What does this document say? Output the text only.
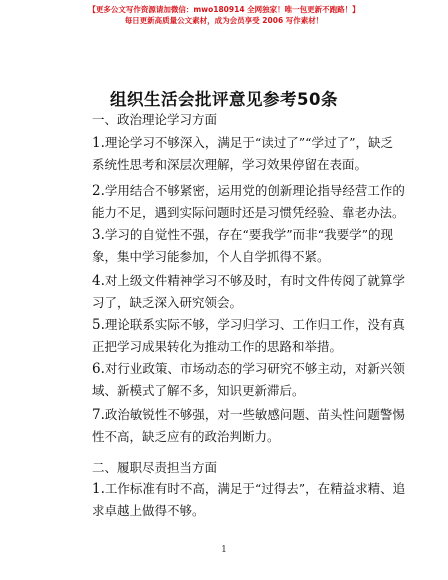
【更多公文写作资源请加微信：mwo180914 全网独家！唯一包更新不跑路！】
每日更新高质量公文素材，成为会员享受 2006 写作素材！
组织生活会批评意见参考50条
一、政治理论学习方面
1.理论学习不够深入，满足于“读过了”“学过了”，缺乏
系统性思考和深层次理解，学习效果停留在表面。
2.学用结合不够紧密，运用党的创新理论指导经营工作的
能力不足，遇到实际问题时还是习惯凭经验、靠老办法。
3.学习的自觉性不强，存在“要我学”而非“我要学”的现
象，集中学习能参加，个人自学抓得不紧。
4.对上级文件精神学习不够及时，有时文件传阅了就算学
习了，缺乏深入研究领会。
5.理论联系实际不够，学习归学习、工作归工作，没有真
正把学习成果转化为推动工作的思路和举措。
6.对行业政策、市场动态的学习研究不够主动，对新兴领
域、新模式了解不多，知识更新滞后。
7.政治敏锐性不够强，对一些敏感问题、苗头性问题警惕
性不高，缺乏应有的政治判断力。
二、履职尽责担当方面
1.工作标准有时不高，满足于“过得去”，在精益求精、追
求卓越上做得不够。
1
